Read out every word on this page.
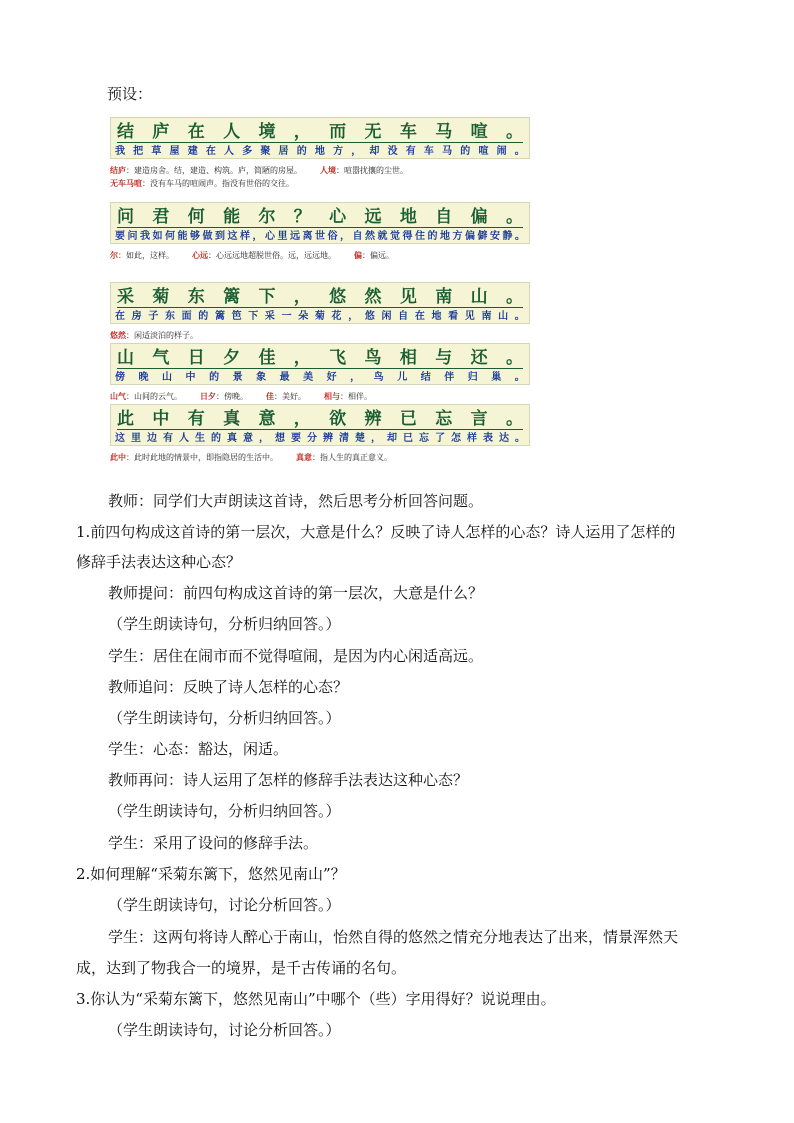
预设：
结 庐 在 人 境 ， 而 无 车 马 喧 。
我 把 草 屋 建 在 人 多 聚 居 的 地 方 ， 却 没 有 车 马 的 喧 闹 。
结庐：建造房舍。结，建造、构筑。庐，简陋的房屋。 人境：喧嚣扰攘的尘世。
无车马喧：没有车马的喧闹声。指没有世俗的交往。
问 君 何 能 尔 ？ 心 远 地 自 偏 。
要 问 我 如 何 能 够 做 到 这 样 ， 心 里 远 离 世 俗 ， 自 然 就 觉 得 住 的 地 方 偏 僻 安 静 。
尔：如此，这样。 心远：心远远地超脱世俗。远，远远地。 偏：偏远。
采 菊 东 篱 下 ， 悠 然 见 南 山 。
在 房 子 东 面 的 篱 笆 下 采 一 朵 菊 花 ， 悠 闲 自 在 地 看 见 南 山 。
悠然：闲适淡泊的样子。
山 气 日 夕 佳 ， 飞 鸟 相 与 还 。
傍 晚 山 中 的 景 象 最 美 好 ， 鸟 儿 结 伴 归 巢 。
山气：山间的云气。 日夕：傍晚。 佳：美好。 相与：相伴。
此 中 有 真 意 ， 欲 辨 已 忘 言 。
这 里 边 有 人 生 的 真 意 ， 想 要 分 辨 清 楚 ， 却 已 忘 了 怎 样 表 达 。
此中：此时此地的情景中，即指隐居的生活中。 真意：指人生的真正意义。
教师：同学们大声朗读这首诗，然后思考分析回答问题。
1.前四句构成这首诗的第一层次，大意是什么？反映了诗人怎样的心态？诗人运用了怎样的
修辞手法表达这种心态？
教师提问：前四句构成这首诗的第一层次，大意是什么？
（学生朗读诗句，分析归纳回答。）
学生：居住在闹市而不觉得喧闹，是因为内心闲适高远。
教师追问：反映了诗人怎样的心态？
（学生朗读诗句，分析归纳回答。）
学生：心态：豁达，闲适。
教师再问：诗人运用了怎样的修辞手法表达这种心态？
（学生朗读诗句，分析归纳回答。）
学生：采用了设问的修辞手法。
2.如何理解“采菊东篱下，悠然见南山”？
（学生朗读诗句，讨论分析回答。）
学生：这两句将诗人醉心于南山，怡然自得的悠然之情充分地表达了出来，情景浑然天
成，达到了物我合一的境界，是千古传诵的名句。
3.你认为“采菊东篱下，悠然见南山”中哪个（些）字用得好？说说理由。
（学生朗读诗句，讨论分析回答。）
